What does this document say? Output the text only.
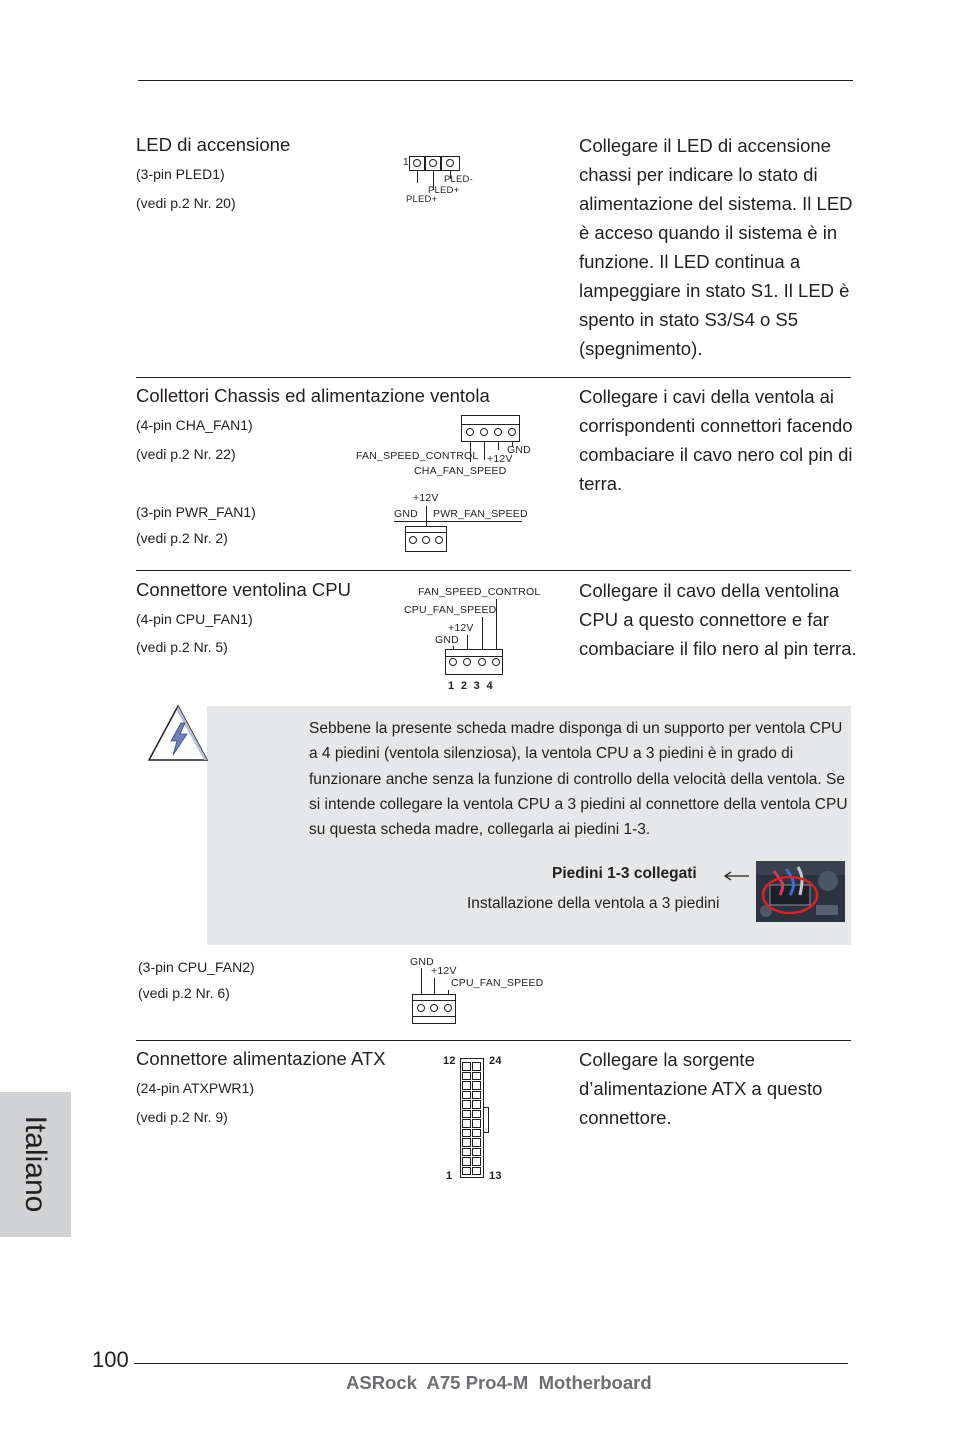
LED di accensione
(3-pin PLED1)
(vedi p.2 Nr. 20)
Collegare il LED di accensione chassi per indicare lo stato di alimentazione del sistema. Il LED è acceso quando il sistema è in funzione. Il LED continua a lampeggiare in stato S1. Il LED è spento in stato S3/S4 o S5 (spegnimento).
1
PLED-
PLED+
PLED+
Collettori Chassis ed alimentazione ventola
(4-pin CHA_FAN1)
(vedi p.2 Nr. 22)
(3-pin PWR_FAN1)
(vedi p.2 Nr. 2)
Collegare i cavi della ventola ai corrispondenti connettori facendo combaciare il cavo nero col pin di terra.
FAN_SPEED_CONTROL +12V
GND
CHA_FAN_SPEED
+12V
GND PWR_FAN_SPEED
Connettore ventolina CPU
(4-pin CPU_FAN1)
(vedi p.2 Nr. 5)
Collegare il cavo della ventolina CPU a questo connettore e far combaciare il filo nero al pin terra.
FAN_SPEED_CONTROL
CPU_FAN_SPEED
+12V
GND
1  2  3  4
Sebbene la presente scheda madre disponga di un supporto per ventola CPU a 4 piedini (ventola silenziosa), la ventola CPU a 3 piedini è in grado di funzionare anche senza la funzione di controllo della velocità della ventola. Se si intende collegare la ventola CPU a 3 piedini al connettore della ventola CPU su questa scheda madre, collegarla ai piedini 1-3.
Piedini 1-3 collegati
Installazione della ventola a 3 piedini
(3-pin CPU_FAN2)
(vedi p.2 Nr. 6)
GND
+12V
CPU_FAN_SPEED
Connettore alimentazione ATX
(24-pin ATXPWR1)
(vedi p.2 Nr. 9)
Collegare la sorgente d’alimentazione ATX a questo connettore.
12	24
1	13
Italiano
100
ASRock  A75 Pro4-M  Motherboard
